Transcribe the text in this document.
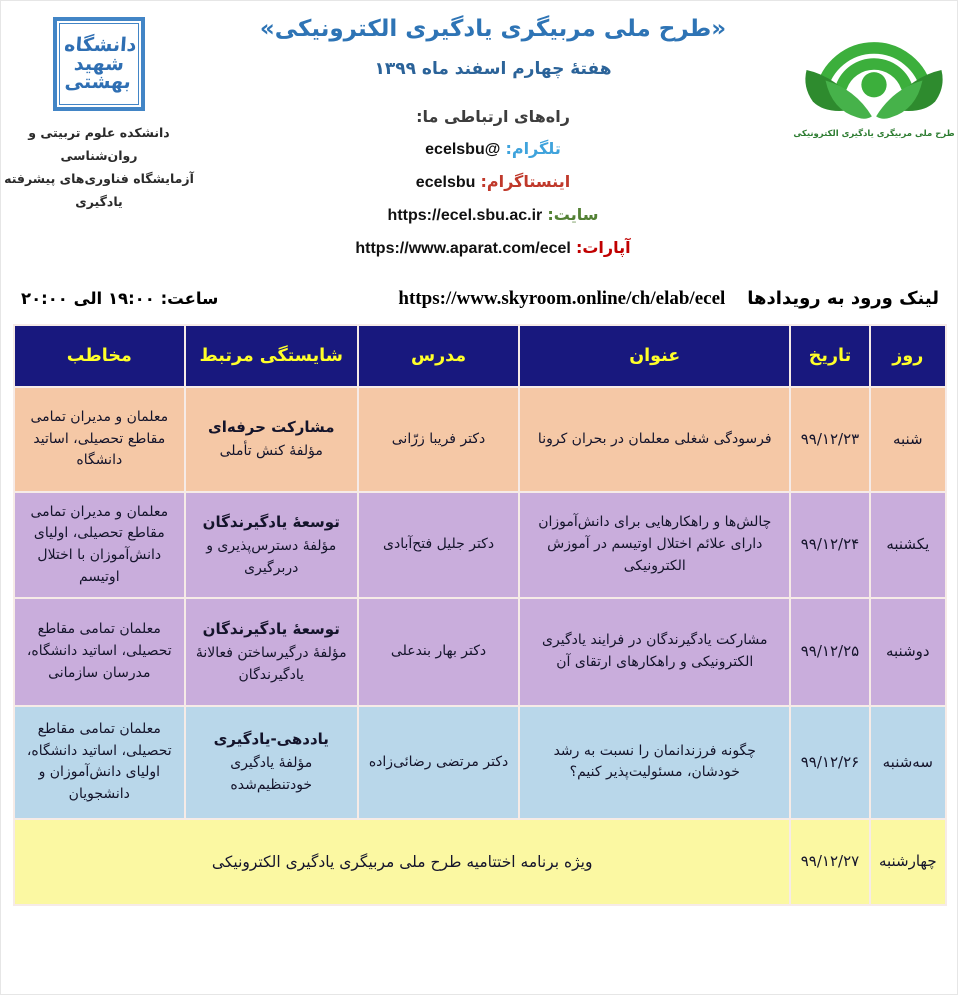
دانشگاه
شهید
بهشتی
دانشکده علوم تربیتی و روان‌شناسی
آزمایشگاه فناوری‌های پیشرفته یادگیری
«طرح ملی مربیگری یادگیری الکترونیکی»
هفتهٔ چهارم اسفند ماه ۱۳۹۹
راه‌های ارتباطی ما:
تلگرام: @ecelsbu
اینستاگرام: ecelsbu
سایت: https://ecel.sbu.ac.ir
آپارات: https://www.aparat.com/ecel
طرح ملی مربیگری یادگیری الکترونیکی
لینک ورود به رویدادها
https://www.skyroom.online/ch/elab/ecel
ساعت: ۱۹:۰۰ الی ۲۰:۰۰
روز	تاریخ	عنوان	مدرس	شایستگی مرتبط	مخاطب
شنبه	۹۹/۱۲/۲۳	فرسودگی شغلی معلمان در بحران کرونا	دکتر فریبا زرّانی	مشارکت حرفه‌ای
مؤلفهٔ کنش تأملی	معلمان و مدیران تمامی مقاطع تحصیلی، اساتید دانشگاه
یکشنبه	۹۹/۱۲/۲۴	چالش‌ها و راهکارهایی برای دانش‌آموزان دارای علائم اختلال اوتیسم در آموزش الکترونیکی	دکتر جلیل فتح‌آبادی	توسعهٔ یادگیرندگان
مؤلفهٔ دسترس‌پذیری و دربرگیری	معلمان و مدیران تمامی مقاطع تحصیلی، اولیای دانش‌آموزان با اختلال اوتیسم
دوشنبه	۹۹/۱۲/۲۵	مشارکت یادگیرندگان در فرایند یادگیری الکترونیکی و راهکارهای ارتقای آن	دکتر بهار بندعلی	توسعهٔ یادگیرندگان
مؤلفهٔ درگیرساختن فعالانهٔ یادگیرندگان	معلمان تمامی مقاطع تحصیلی، اساتید دانشگاه، مدرسان سازمانی
سه‌شنبه	۹۹/۱۲/۲۶	چگونه فرزندانمان را نسبت به رشد خودشان، مسئولیت‌پذیر کنیم؟	دکتر مرتضی رضائی‌زاده	یاددهی-یادگیری
مؤلفهٔ یادگیری خودتنظیم‌شده	معلمان تمامی مقاطع تحصیلی، اساتید دانشگاه، اولیای دانش‌آموزان و دانشجویان
چهارشنبه	۹۹/۱۲/۲۷	ویژه برنامه اختتامیه طرح ملی مربیگری یادگیری الکترونیکی			
